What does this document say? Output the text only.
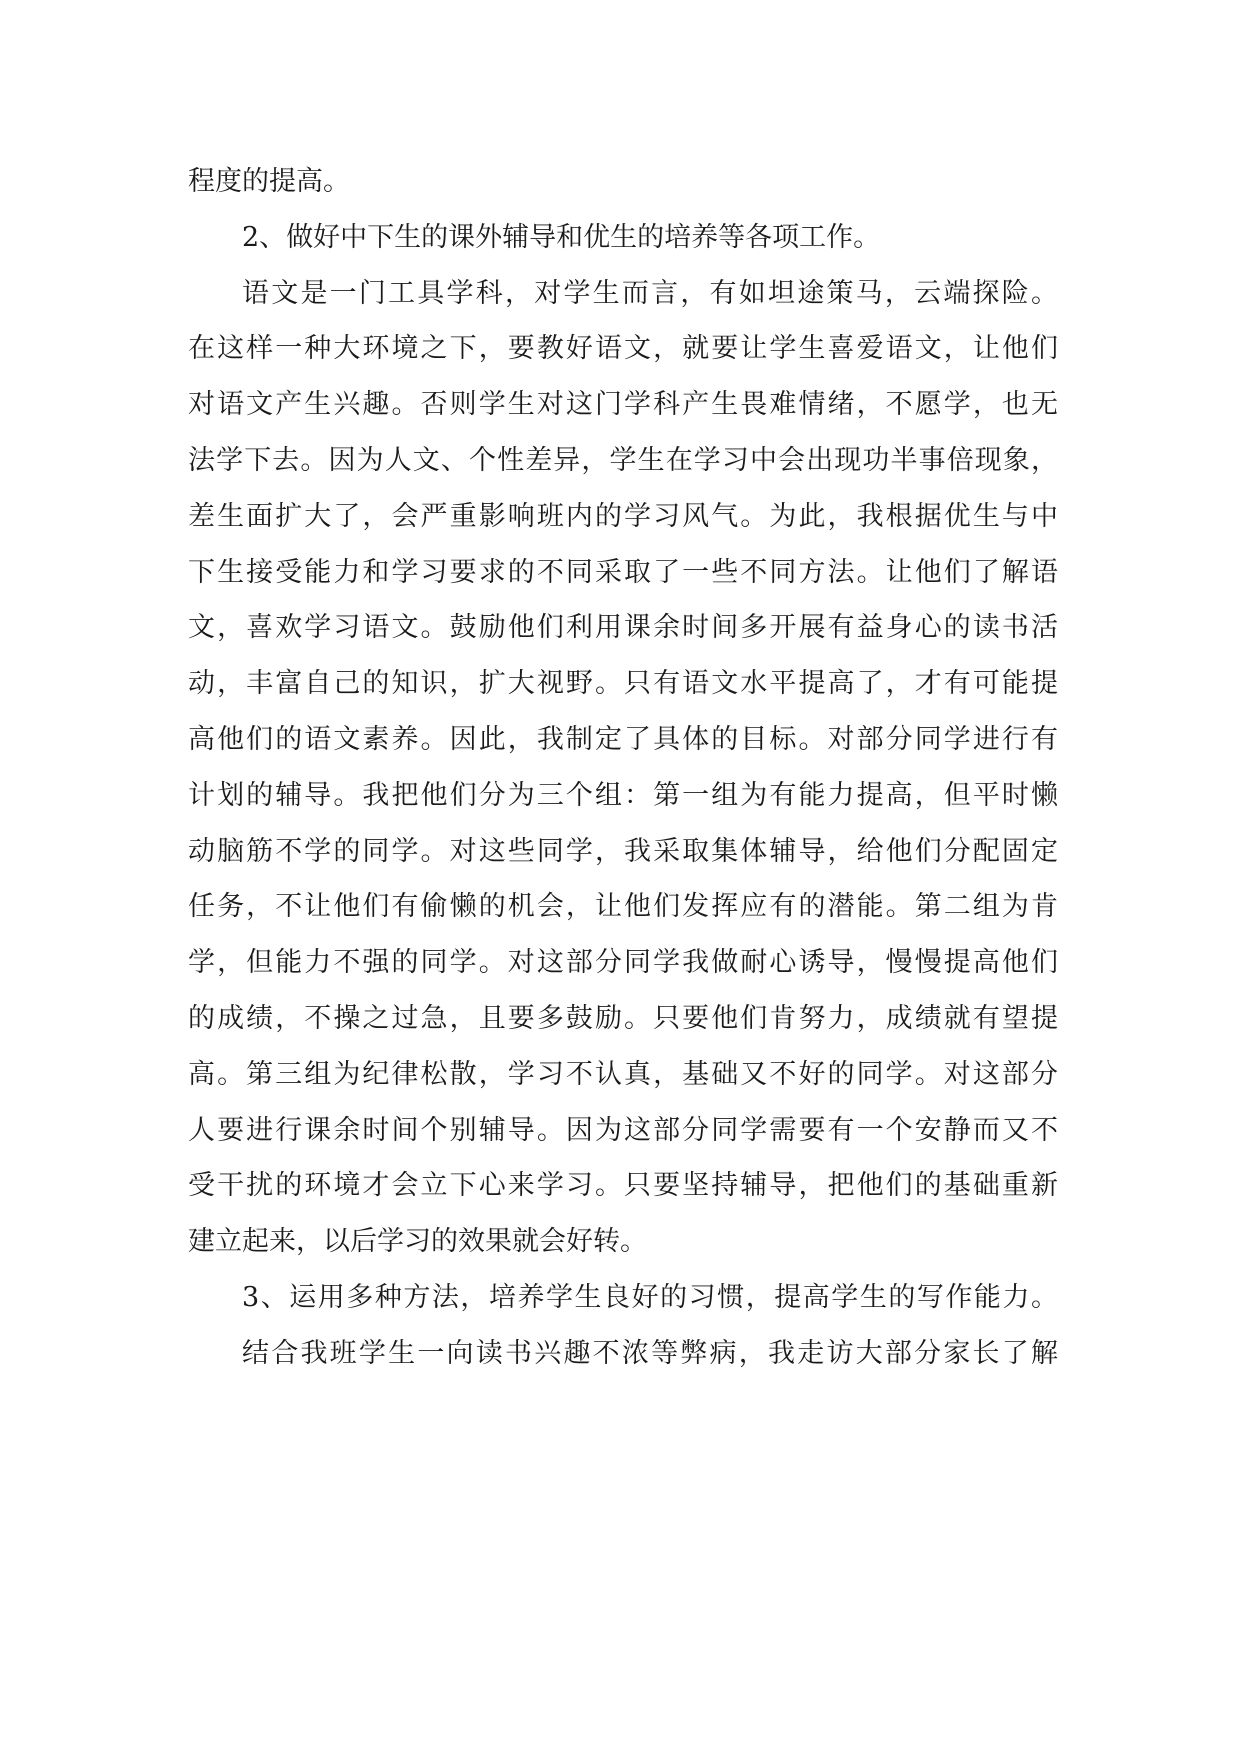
程度的提高。
2、做好中下生的课外辅导和优生的培养等各项工作。
语文是一门工具学科，对学生而言，有如坦途策马，云端探险。
在这样一种大环境之下，要教好语文，就要让学生喜爱语文，让他们
对语文产生兴趣。否则学生对这门学科产生畏难情绪，不愿学，也无
法学下去。因为人文、个性差异，学生在学习中会出现功半事倍现象，
差生面扩大了，会严重影响班内的学习风气。为此，我根据优生与中
下生接受能力和学习要求的不同采取了一些不同方法。让他们了解语
文，喜欢学习语文。鼓励他们利用课余时间多开展有益身心的读书活
动，丰富自己的知识，扩大视野。只有语文水平提高了，才有可能提
高他们的语文素养。因此，我制定了具体的目标。对部分同学进行有
计划的辅导。我把他们分为三个组：第一组为有能力提高，但平时懒
动脑筋不学的同学。对这些同学，我采取集体辅导，给他们分配固定
任务，不让他们有偷懒的机会，让他们发挥应有的潜能。第二组为肯
学，但能力不强的同学。对这部分同学我做耐心诱导，慢慢提高他们
的成绩，不操之过急，且要多鼓励。只要他们肯努力，成绩就有望提
高。第三组为纪律松散，学习不认真，基础又不好的同学。对这部分
人要进行课余时间个别辅导。因为这部分同学需要有一个安静而又不
受干扰的环境才会立下心来学习。只要坚持辅导，把他们的基础重新
建立起来，以后学习的效果就会好转。
3、运用多种方法，培养学生良好的习惯，提高学生的写作能力。
结合我班学生一向读书兴趣不浓等弊病，我走访大部分家长了解
